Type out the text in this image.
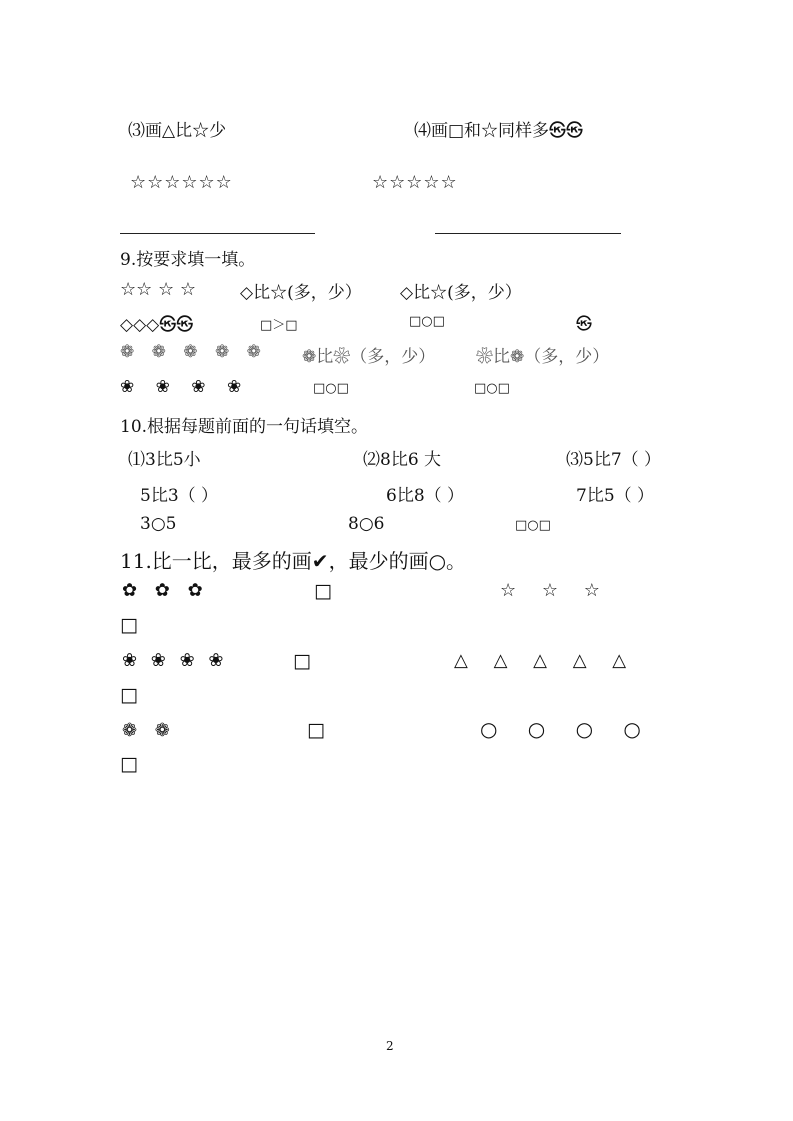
⑶画△比☆少	⑷画□和☆同样多㉿㉿
☆☆☆☆☆☆	☆☆☆☆☆
9.按要求填一填。
☆☆ ☆ ☆	◇比☆(多，少） ◇比☆(多，少）
◇◇◇㉿㉿	□＞□	□○□	㉿
❁ ❁ ❁ ❁ ❁ ❁比❀（多，少） ❀比❁（多，少）
❀ ❀ ❀ ❀	□○□	□○□
10.根据每题前面的一句话填空。
⑴3比5小	⑵8比6 大	⑶5比7（ ）
5比3（ ）	6比8（ ）	7比5（ ）
3○5	8○6	□○□
11.比一比，最多的画✔，最少的画○。
✿ ✿ ✿	□	☆ ☆ ☆
□
❀ ❀ ❀ ❀	□	△ △ △ △ △
□
❁ ❁	□	○ ○ ○ ○
□
2
